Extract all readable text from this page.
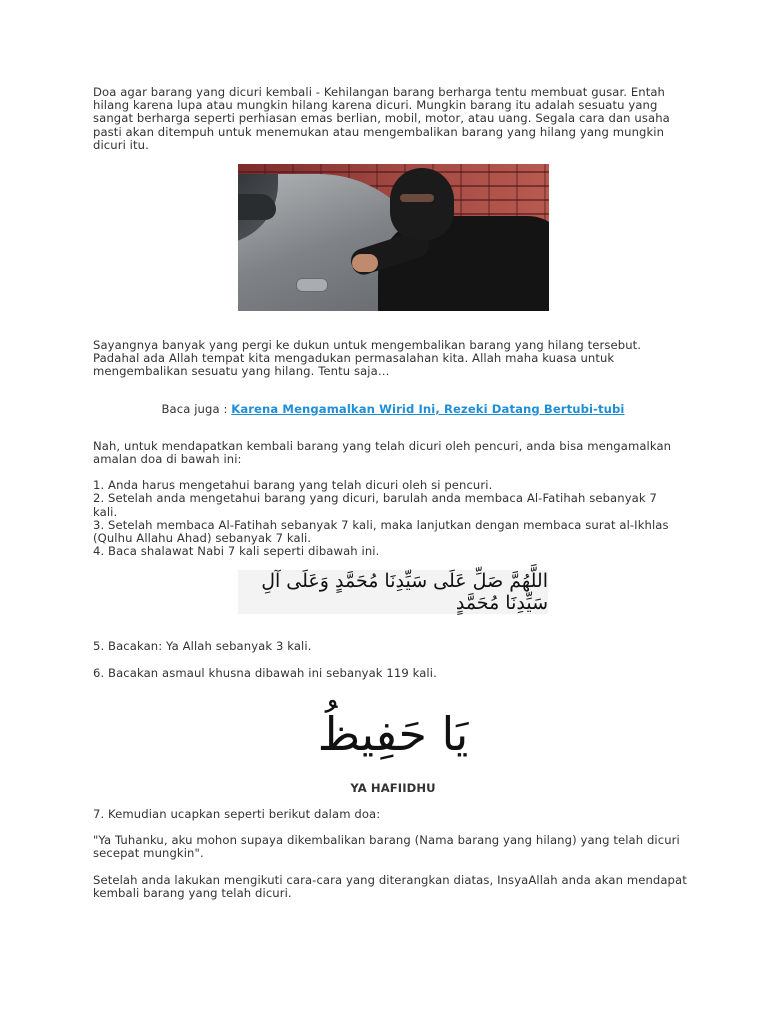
Doa agar barang yang dicuri kembali - Kehilangan barang berharga tentu membuat gusar. Entah
hilang karena lupa atau mungkin hilang karena dicuri. Mungkin barang itu adalah sesuatu yang
sangat berharga seperti perhiasan emas berlian, mobil, motor, atau uang. Segala cara dan usaha
pasti akan ditempuh untuk menemukan atau mengembalikan barang yang hilang yang mungkin
dicuri itu.

Sayangnya banyak yang pergi ke dukun untuk mengembalikan barang yang hilang tersebut.
Padahal ada Allah tempat kita mengadukan permasalahan kita. Allah maha kuasa untuk
mengembalikan sesuatu yang hilang. Tentu saja…

Baca juga : Karena Mengamalkan Wirid Ini, Rezeki Datang Bertubi-tubi

Nah, untuk mendapatkan kembali barang yang telah dicuri oleh pencuri, anda bisa mengamalkan
amalan doa di bawah ini:

1. Anda harus mengetahui barang yang telah dicuri oleh si pencuri.

2. Setelah anda mengetahui barang yang dicuri, barulah anda membaca Al-Fatihah sebanyak 7
kali.

3. Setelah membaca Al-Fatihah sebanyak 7 kali, maka lanjutkan dengan membaca surat al-Ikhlas
(Qulhu Allahu Ahad) sebanyak 7 kali.

4. Baca shalawat Nabi 7 kali seperti dibawah ini.

اللَّهُمَّ صَلِّ عَلَى سَيِّدِنَا مُحَمَّدٍ وَعَلَى آلِ سَيِّدِنَا مُحَمَّدٍ

5. Bacakan: Ya Allah sebanyak 3 kali.

6. Bacakan asmaul khusna dibawah ini sebanyak 119 kali.

يَا حَفِيظُ

YA HAFIIDHU

7. Kemudian ucapkan seperti berikut dalam doa:

"Ya Tuhanku, aku mohon supaya dikembalikan barang (Nama barang yang hilang) yang telah dicuri
secepat mungkin".

Setelah anda lakukan mengikuti cara-cara yang diterangkan diatas, InsyaAllah anda akan mendapat
kembali barang yang telah dicuri.
